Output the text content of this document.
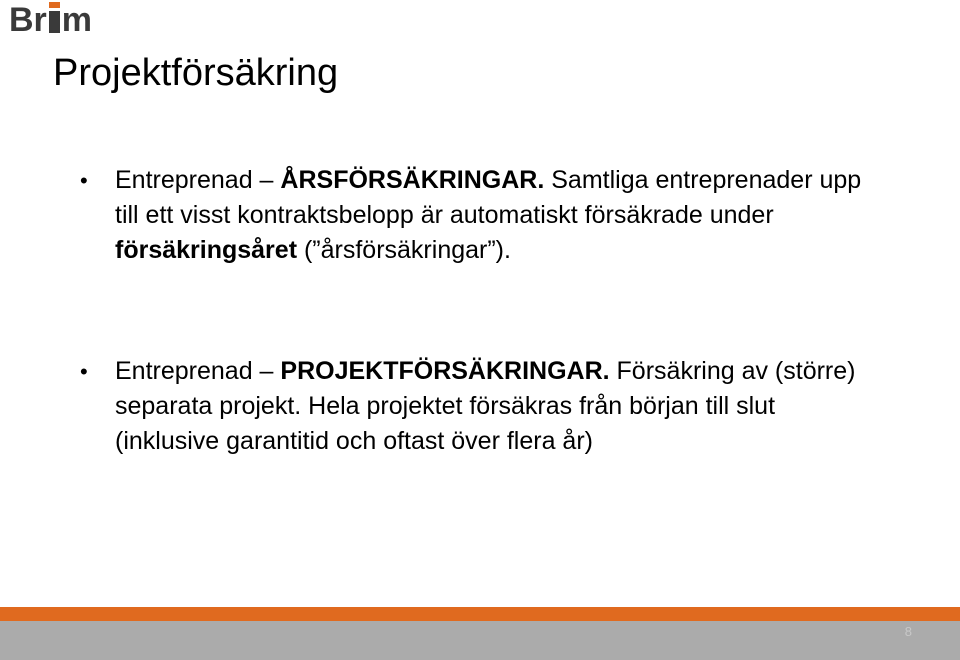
Br m
Projektförsäkring
• Entreprenad – ÅRSFÖRSÄKRINGAR. Samtliga entreprenader upp till ett visst kontraktsbelopp är automatiskt försäkrade under försäkringsåret (”årsförsäkringar”).
• Entreprenad – PROJEKTFÖRSÄKRINGAR. Försäkring av (större) separata projekt. Hela projektet försäkras från början till slut (inklusive garantitid och oftast över flera år)
8
